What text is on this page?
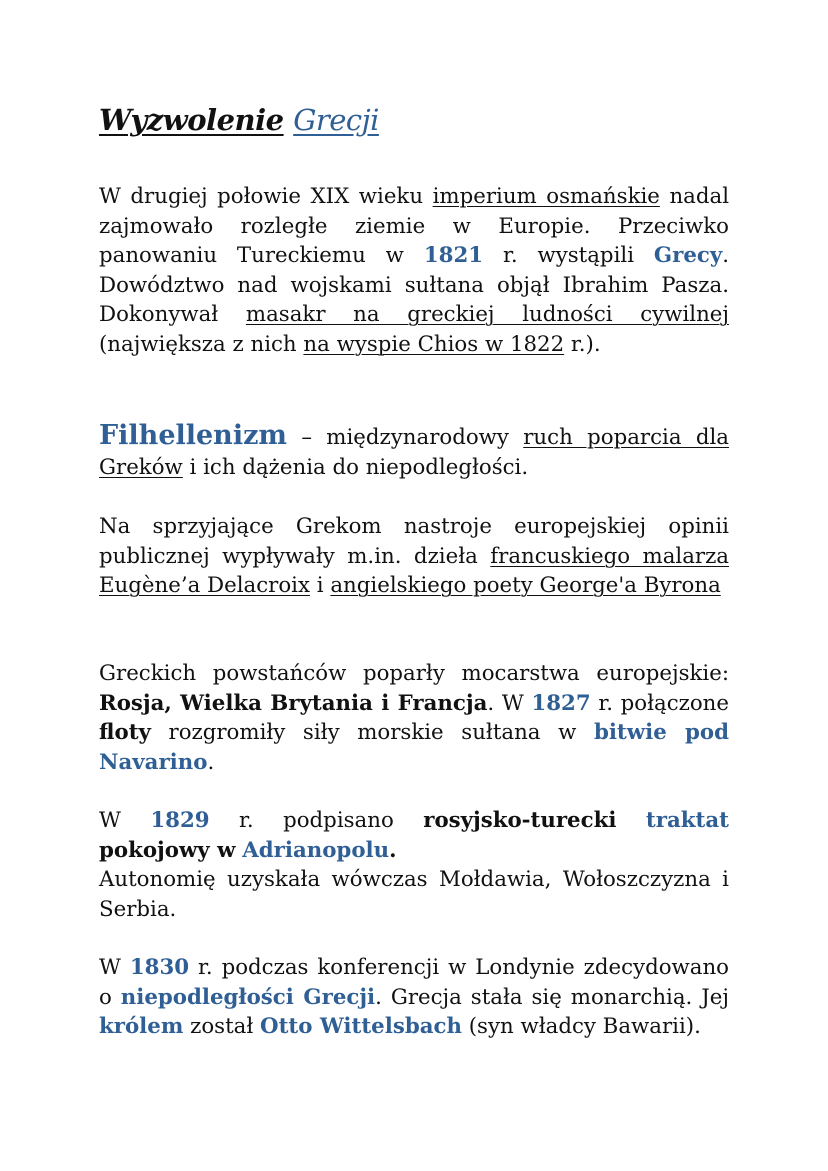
Wyzwolenie Grecji

W drugiej połowie XIX wieku imperium osmańskie nadal zajmowało rozległe ziemie w Europie. Przeciwko panowaniu Tureckiemu w 1821 r. wystąpili Grecy. Dowództwo nad wojskami sułtana objął Ibrahim Pasza. Dokonywał masakr na greckiej ludności cywilnej (największa z nich na wyspie Chios w 1822 r.).

Filhellenizm – międzynarodowy ruch poparcia dla Greków i ich dążenia do niepodległości.

Na sprzyjające Grekom nastroje europejskiej opinii publicznej wypływały m.in. dzieła francuskiego malarza Eugène’a Delacroix i angielskiego poety George'a Byrona

Greckich powstańców poparły mocarstwa europejskie: Rosja, Wielka Brytania i Francja. W 1827 r. połączone floty rozgromiły siły morskie sułtana w bitwie pod Navarino.

W 1829 r. podpisano rosyjsko-turecki traktat pokojowy w Adrianopolu.
Autonomię uzyskała wówczas Mołdawia, Wołoszczyzna i Serbia.

W 1830 r. podczas konferencji w Londynie zdecydowano o niepodległości Grecji. Grecja stała się monarchią. Jej królem został Otto Wittelsbach (syn władcy Bawarii).
